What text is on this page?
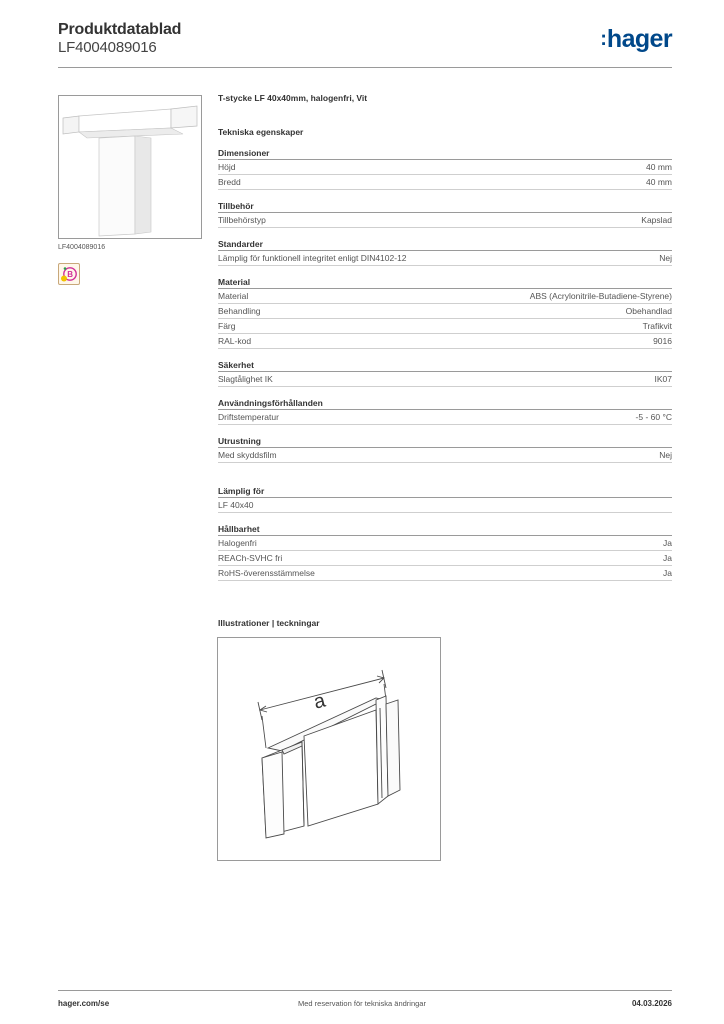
Produktdatablad
LF4004089016	:hager
LF4004089016
B
T-stycke LF 40x40mm, halogenfri, Vit
Tekniska egenskaper
Dimensioner
Höjd	40 mm
Bredd	40 mm
Tillbehör
Tillbehörstyp	Kapslad
Standarder
Lämplig för funktionell integritet enligt DIN4102-12	Nej
Material
Material	ABS (Acrylonitrile-Butadiene-Styrene)
Behandling	Obehandlad
Färg	Trafikvit
RAL-kod	9016
Säkerhet
Slagtålighet IK	IK07
Användningsförhållanden
Driftstemperatur	-5 - 60 °C
Utrustning
Med skyddsfilm	Nej
Lämplig för
LF 40x40
Hållbarhet
Halogenfri	Ja
REACh-SVHC fri	Ja
RoHS-överensstämmelse	Ja
Illustrationer | teckningar
a
hager.com/se	Med reservation för tekniska ändringar	04.03.2026
